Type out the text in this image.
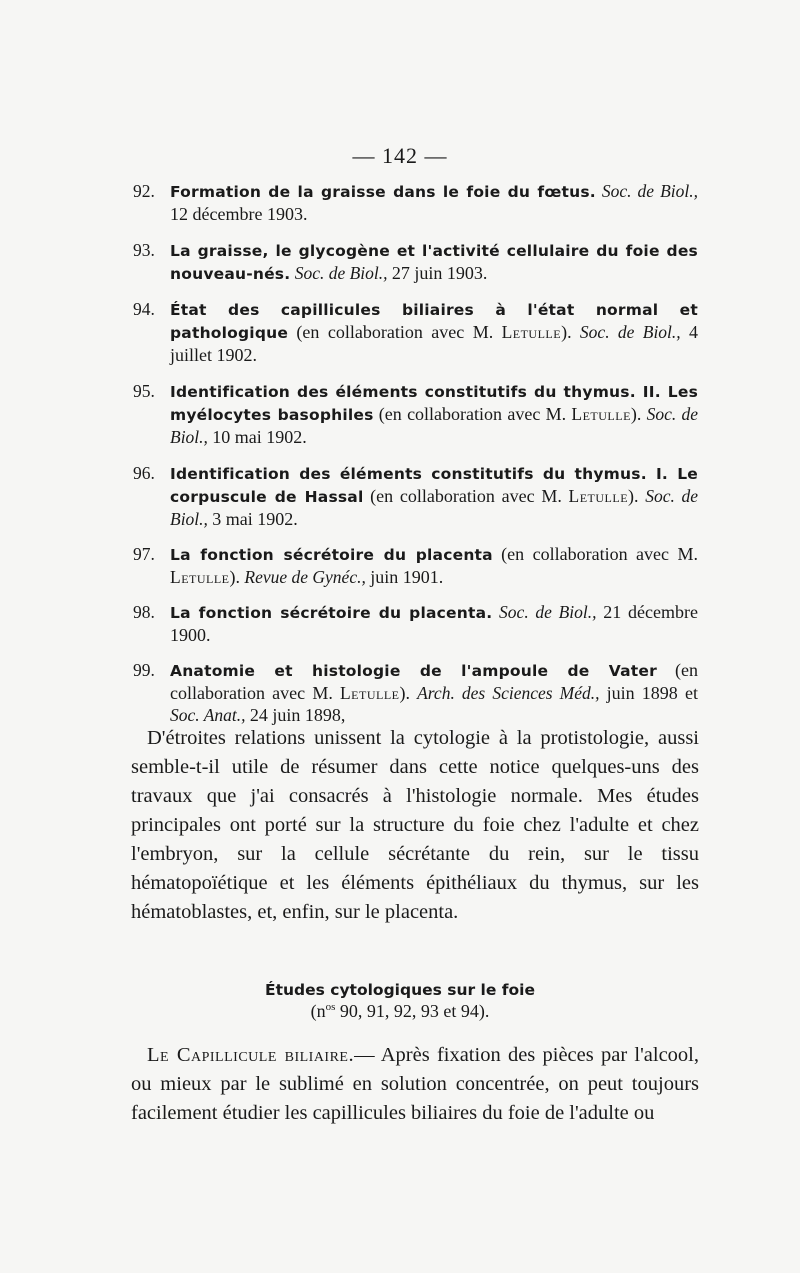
— 142 —
92. Formation de la graisse dans le foie du fœtus. Soc. de Biol., 12 décembre 1903.
93. La graisse, le glycogène et l'activité cellulaire du foie des nouveau-nés. Soc. de Biol., 27 juin 1903.
94. État des capillicules biliaires à l'état normal et pathologique (en collaboration avec M. Letulle). Soc. de Biol., 4 juillet 1902.
95. Identification des éléments constitutifs du thymus. II. Les myélocytes basophiles (en collaboration avec M. Letulle). Soc. de Biol., 10 mai 1902.
96. Identification des éléments constitutifs du thymus. I. Le corpuscule de Hassal (en collaboration avec M. Letulle). Soc. de Biol., 3 mai 1902.
97. La fonction sécrétoire du placenta (en collaboration avec M. Letulle). Revue de Gynéc., juin 1901.
98. La fonction sécrétoire du placenta. Soc. de Biol., 21 décembre 1900.
99. Anatomie et histologie de l'ampoule de Vater (en collaboration avec M. Letulle). Arch. des Sciences Méd., juin 1898 et Soc. Anat., 24 juin 1898,

D'étroites relations unissent la cytologie à la protistologie, aussi semble-t-il utile de résumer dans cette notice quelques-uns des travaux que j'ai consacrés à l'histologie normale. Mes études principales ont porté sur la structure du foie chez l'adulte et chez l'embryon, sur la cellule sécrétante du rein, sur le tissu hématopoïétique et les éléments épithéliaux du thymus, sur les hématoblastes, et, enfin, sur le placenta.

Études cytologiques sur le foie
($n^{os}$ 90, 91, 92, 93 et 94).

Le Capillicule biliaire.— Après fixation des pièces par l'alcool, ou mieux par le sublimé en solution concentrée, on peut toujours facilement étudier les capillicules biliaires du foie de l'adulte ou
